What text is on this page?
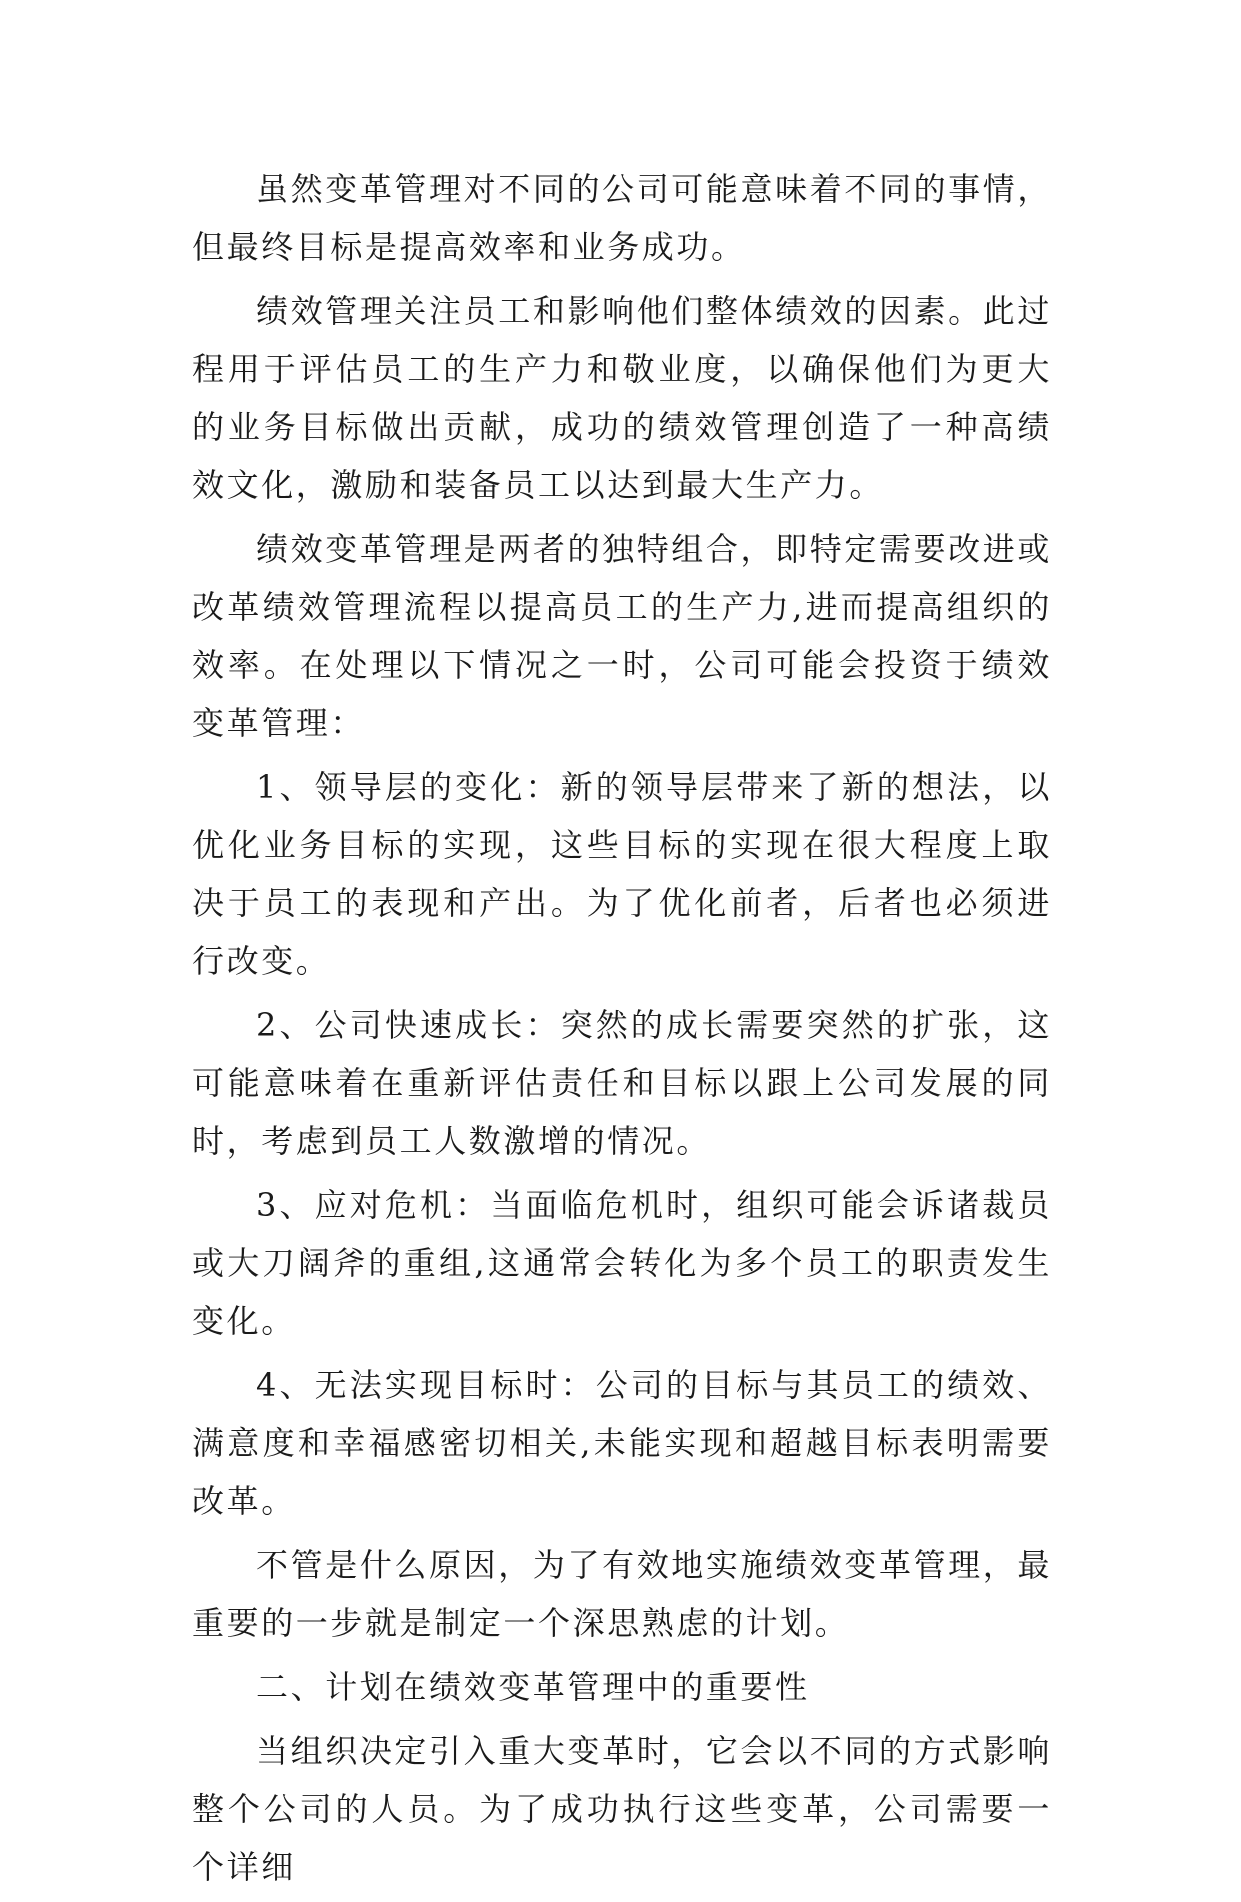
虽然变革管理对不同的公司可能意味着不同的事情，但最终目标是提高效率和业务成功。

绩效管理关注员工和影响他们整体绩效的因素。此过程用于评估员工的生产力和敬业度，以确保他们为更大的业务目标做出贡献，成功的绩效管理创造了一种高绩效文化，激励和装备员工以达到最大生产力。

绩效变革管理是两者的独特组合，即特定需要改进或改革绩效管理流程以提高员工的生产力,进而提高组织的效率。在处理以下情况之一时，公司可能会投资于绩效变革管理：

1、领导层的变化：新的领导层带来了新的想法，以优化业务目标的实现，这些目标的实现在很大程度上取决于员工的表现和产出。为了优化前者，后者也必须进行改变。

2、公司快速成长：突然的成长需要突然的扩张，这可能意味着在重新评估责任和目标以跟上公司发展的同时，考虑到员工人数激增的情况。

3、应对危机：当面临危机时，组织可能会诉诸裁员或大刀阔斧的重组,这通常会转化为多个员工的职责发生变化。

4、无法实现目标时：公司的目标与其员工的绩效、满意度和幸福感密切相关,未能实现和超越目标表明需要改革。

不管是什么原因，为了有效地实施绩效变革管理，最重要的一步就是制定一个深思熟虑的计划。

二、计划在绩效变革管理中的重要性

当组织决定引入重大变革时，它会以不同的方式影响整个公司的人员。为了成功执行这些变革，公司需要一个详细
